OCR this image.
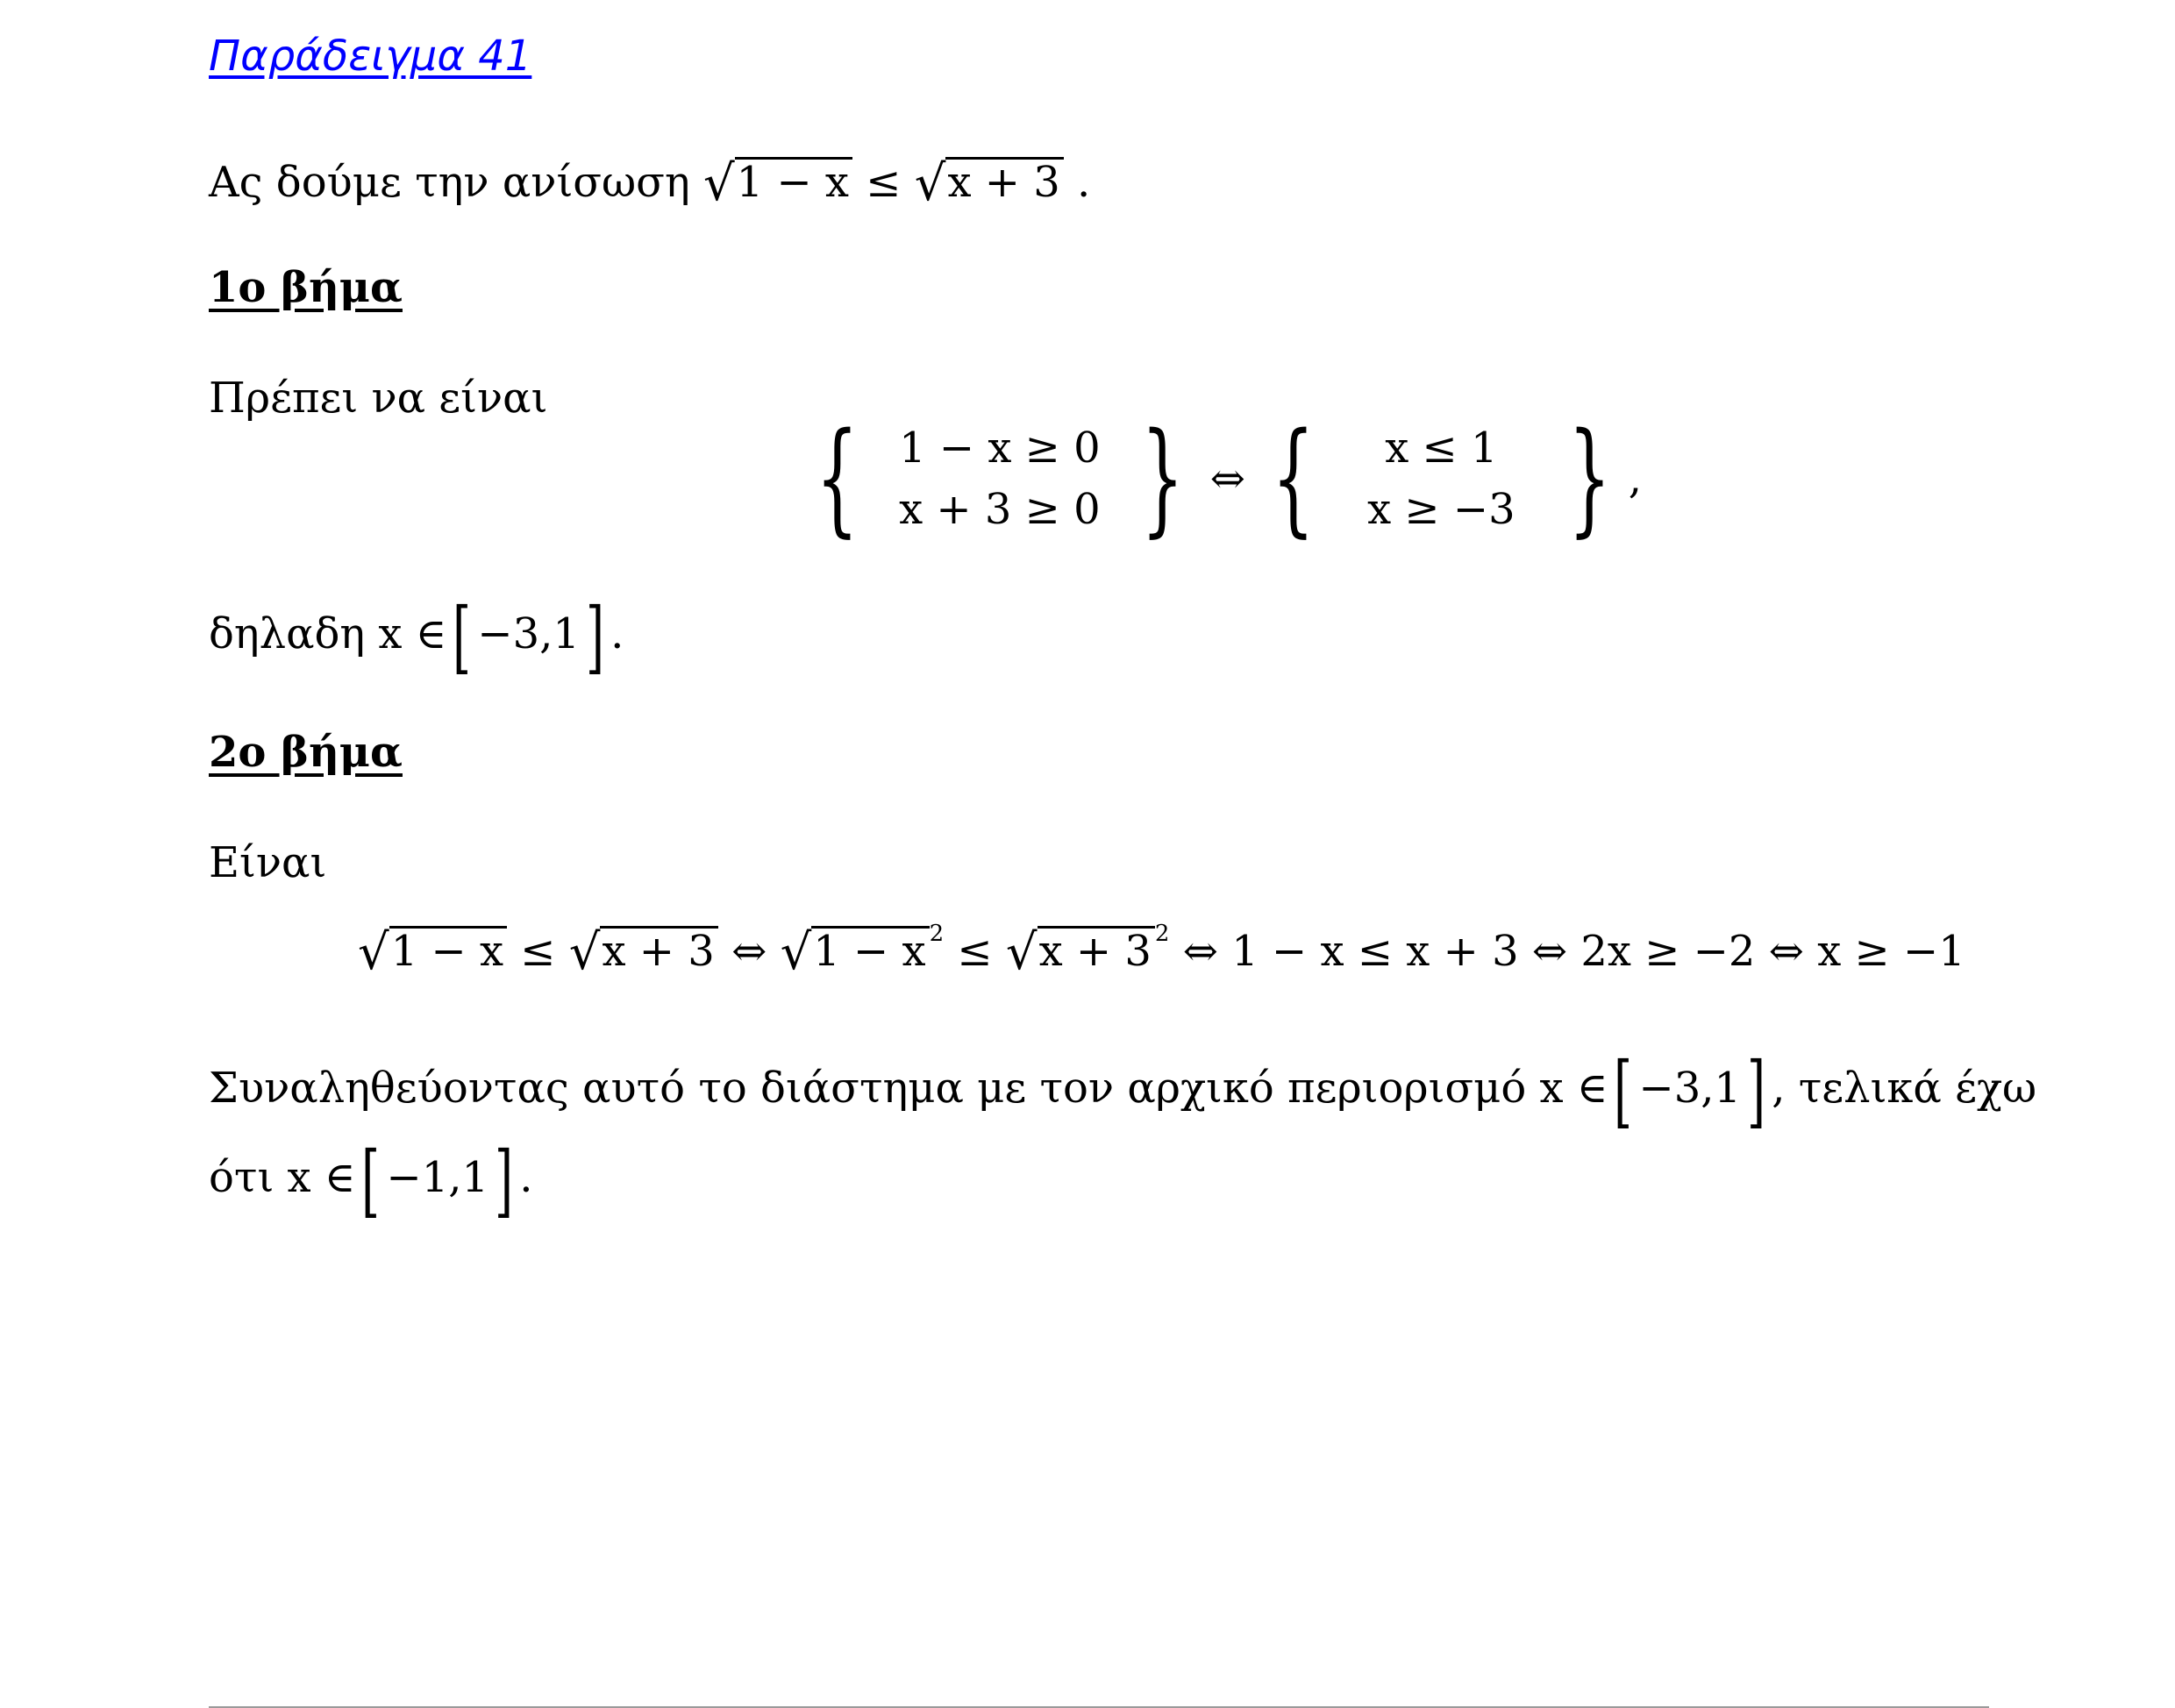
Παράδειγμα 41
Ας δούμε την ανίσωση √1 − x ≤ √x + 3 .
1ο βήμα
Πρέπει να είναι
{ 1 − x ≥ 0
x + 3 ≥ 0 } ⇔ { x ≤ 1
x ≥ −3 } ,
δηλαδη x ∈[ −3,1] .
2ο βήμα
Είναι
√1 − x ≤ √x + 3 ⇔ √1 − x $^2$ ≤ √x + 3 $^2$ ⇔ 1 − x ≤ x + 3 ⇔ 2x ≥ −2 ⇔ x ≥ −1
Συναληθεύοντας αυτό το διάστημα με τον αρχικό περιορισμό x ∈[ −3,1] , τελικά έχω
ότι x ∈[ −1,1] .
